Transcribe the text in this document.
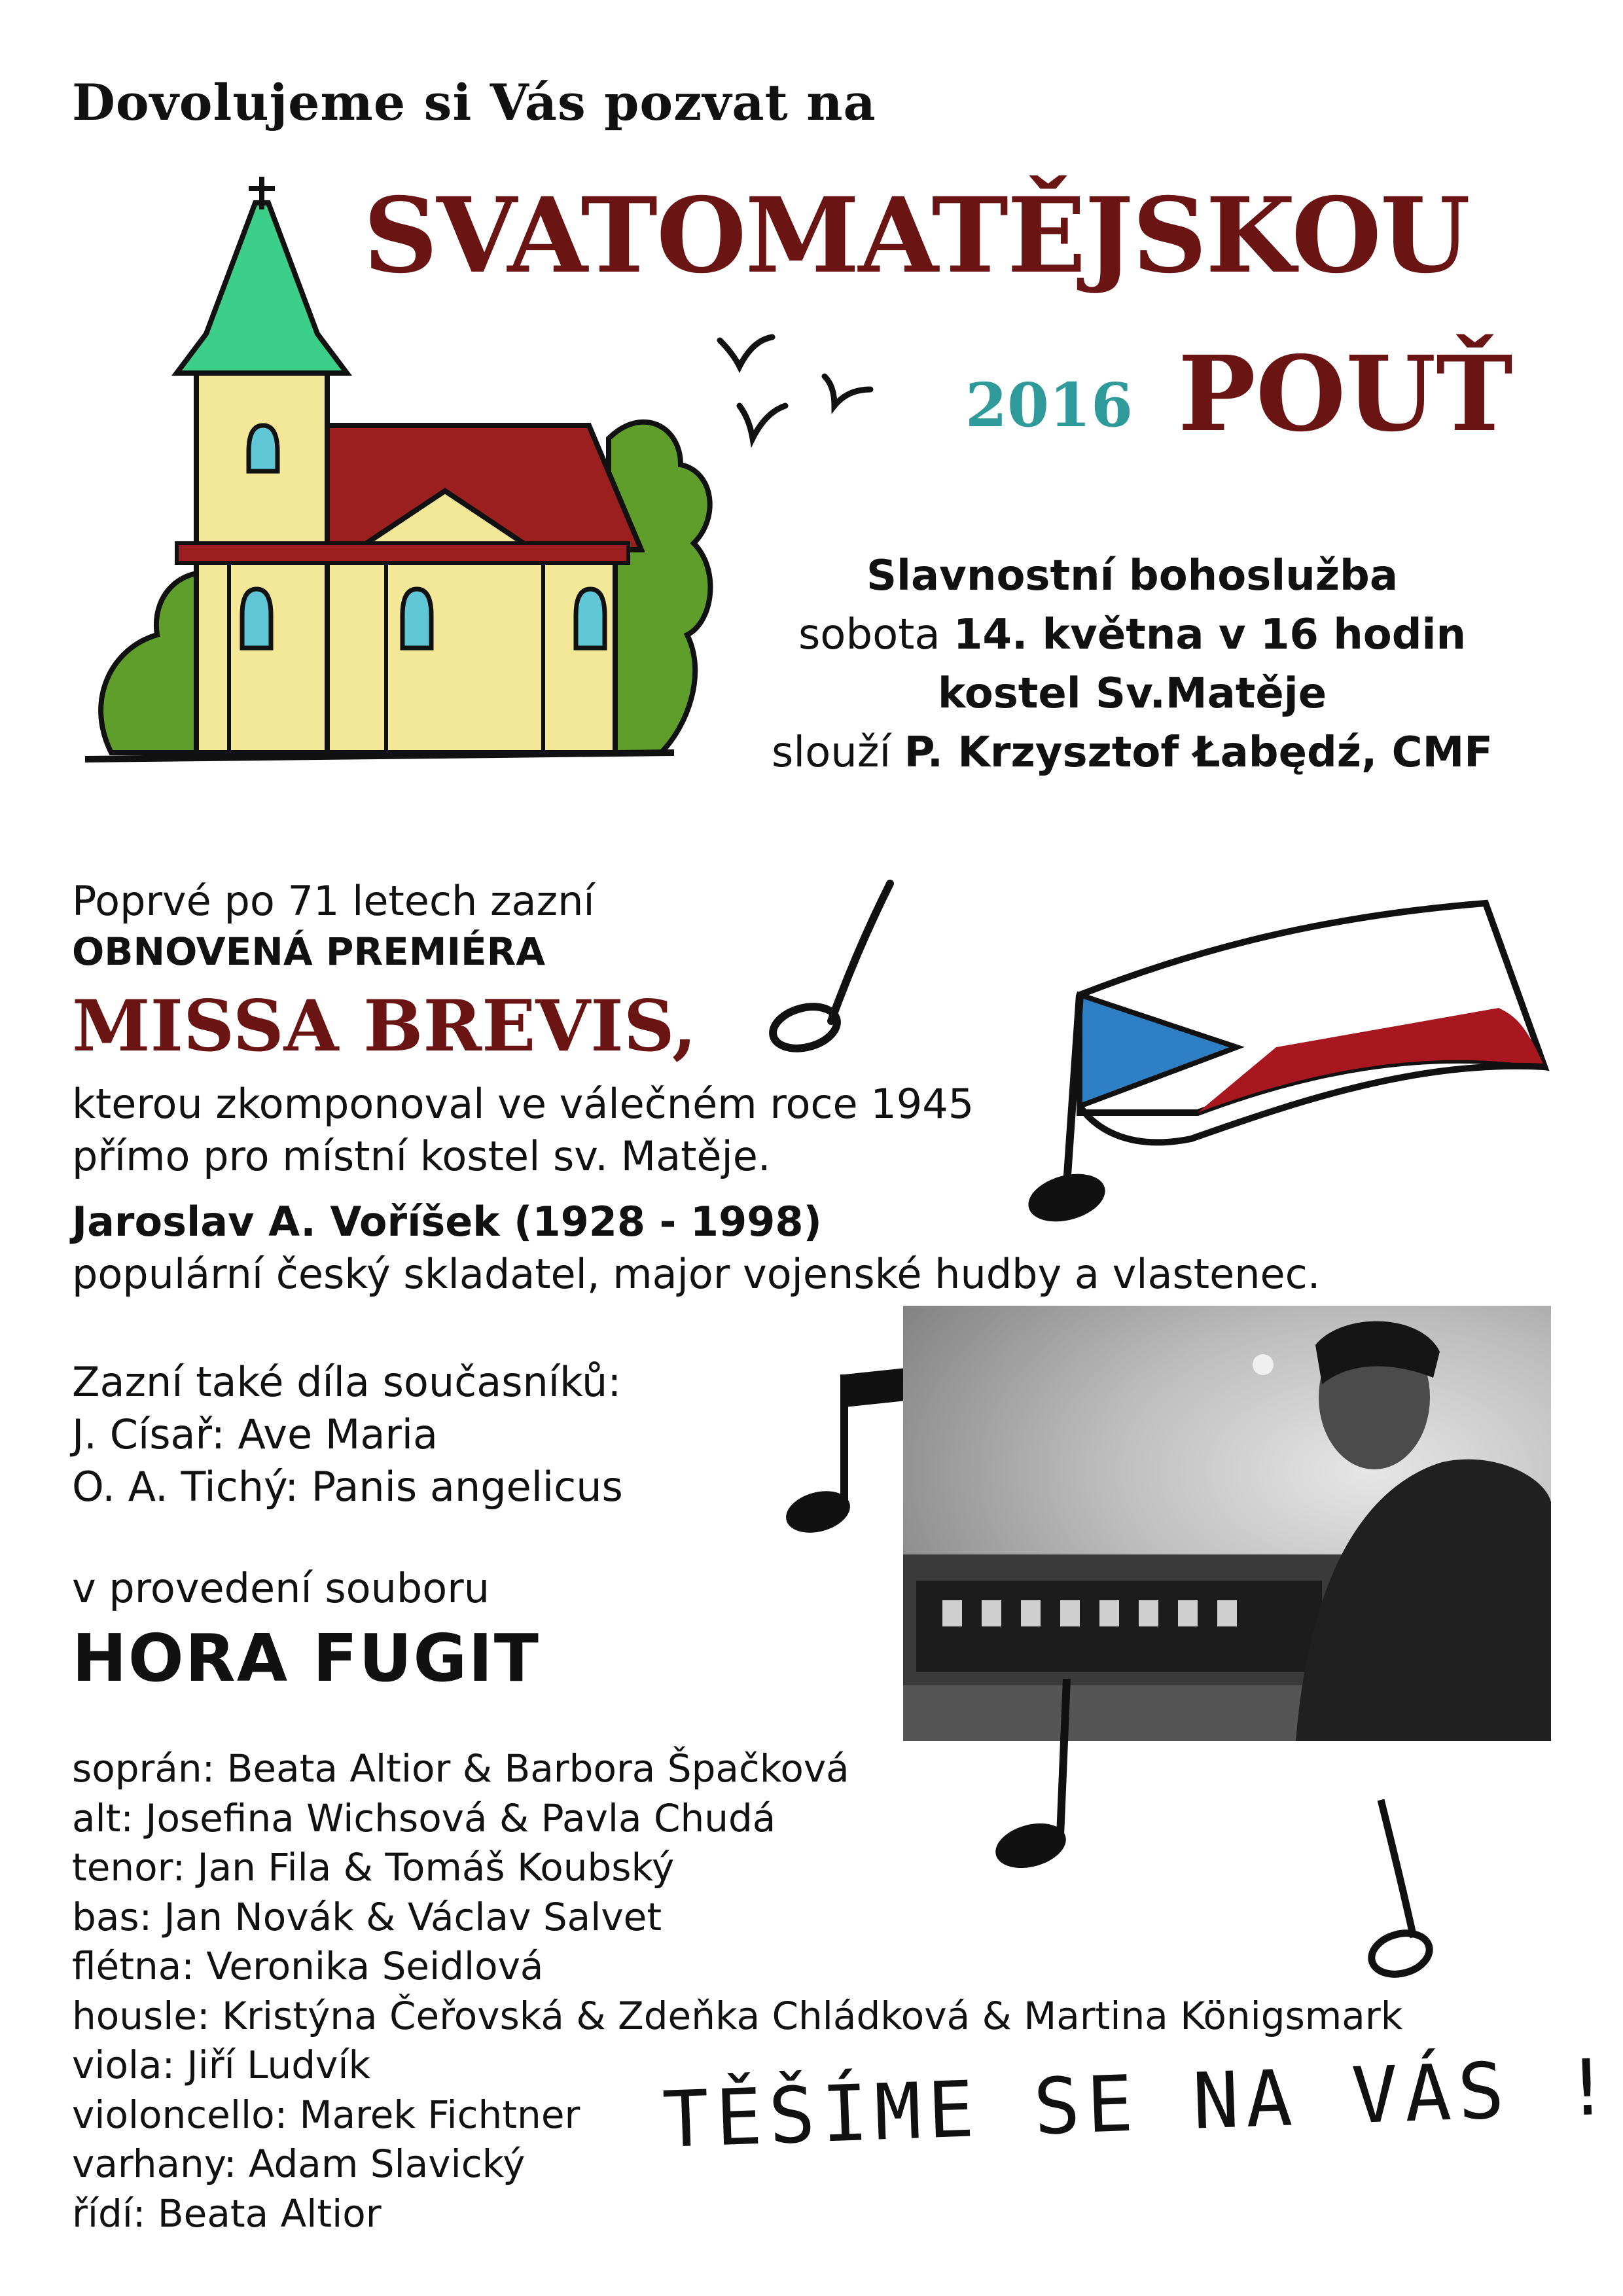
Dovolujeme si Vás pozvat na
SVATOMATĚJSKOU
2016 POUŤ
Slavnostní bohoslužba
sobota 14. května v 16 hodin
kostel Sv.Matěje
slouží P. Krzysztof Łabędź, CMF
Poprvé po 71 letech zazní
OBNOVENÁ PREMIÉRA
MISSA BREVIS,
kterou zkomponoval ve válečném roce 1945
přímo pro místní kostel sv. Matěje.
Jaroslav A. Voříšek (1928 - 1998)
populární český skladatel, major vojenské hudby a vlastenec.
Zazní také díla současníků:
J. Císař: Ave Maria
O. A. Tichý: Panis angelicus
v provedení souboru
HORA FUGIT
soprán: Beata Altior & Barbora Špačková
alt: Josefina Wichsová & Pavla Chudá
tenor: Jan Fila & Tomáš Koubský
bas: Jan Novák & Václav Salvet
flétna: Veronika Seidlová
housle: Kristýna Čeřovská & Zdeňka Chládková & Martina Königsmark
viola: Jiří Ludvík
violoncello: Marek Fichtner
varhany: Adam Slavický
řídí: Beata Altior
TĚŠÍME SE NA VÁS !
